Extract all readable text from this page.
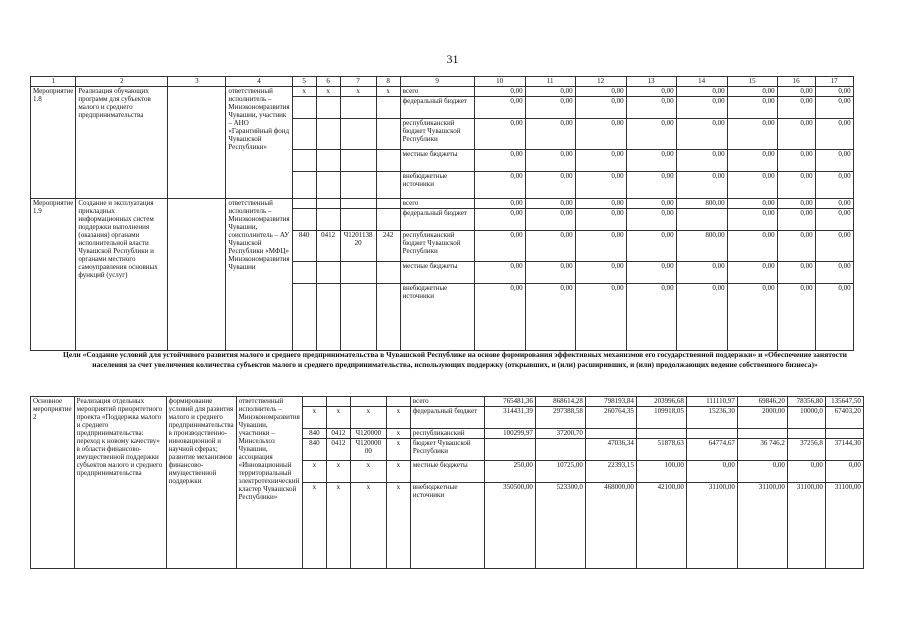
31
1	2	3	4	5	6	7	8	9	10	11	12	13	14	15	16	17
Мероприятие 1.8	Реализация обучающих программ для субъектов малого и среднего предпринимательства		ответственный исполнитель – Минэкономразвития Чувашии, участник – АНО «Гарантийный фонд Чувашской Республики»	x	x	x	x	всего	0,00	0,00	0,00	0,00	0,00	0,00	0,00	0,00
								федеральный бюджет	0,00	0,00	0,00	0,00	0,00	0,00	0,00	0,00
								республиканский бюджет Чувашской Республики	0,00	0,00	0,00	0,00	0,00	0,00	0,00	0,00
								местные бюджеты	0,00	0,00	0,00	0,00	0,00	0,00	0,00	0,00
								внебюджетные источники	0,00	0,00	0,00	0,00	0,00	0,00	0,00	0,00
Мероприятие 1.9	Создание и эксплуатация прикладных информационных систем поддержки выполнения (оказания) органами исполнительной власти Чувашской Республики и органами местного самоуправления основных функций (услуг)		ответственный исполнитель – Минэкономразвития Чувашии, соисполнитель – АУ Чувашской Республики «МФЦ» Минэкономразвития Чувашии					всего	0,00	0,00	0,00	0,00	800,00	0,00	0,00	0,00
								федеральный бюджет	0,00	0,00	0,00	0,00		0,00	0,00	0,00
				840	0412	Ч1201138 20	242	республиканский бюджет Чувашской Республики	0,00	0,00	0,00	0,00	800,00	0,00	0,00	0,00
								местные бюджеты	0,00	0,00	0,00	0,00	0,00	0,00	0,00	0,00
								внебюджетные источники	0,00	0,00	0,00	0,00	0,00	0,00	0,00	0,00
Цели «Создание условий для устойчивого развития малого и среднего предпринимательства в Чувашской Республике на основе формирования эффективных механизмов его государственной поддержки» и «Обеспечение занятости населения за счет увеличения количества субъектов малого и среднего предпринимательства, использующих поддержку (открывших, и (или) расширивших, и (или) продолжающих ведение собственного бизнеса)»
Основное мероприятие 2	Реализация отдельных мероприятий приоритетного проекта «Поддержка малого и среднего предпринимательства: переход к новому качеству» в области финансово-имущественной поддержки субъектов малого и среднего предпринимательства	формирование условий для развития малого и среднего предпринимательства в производственно-инновационной и научной сферах; развитие механизмов финансово-имущественной поддержки	ответственный исполнитель – Минэкономразвития Чувашии, участники – Минсельхоз Чувашии, ассоциация «Инновационный территориальный электротехнический кластер Чувашской Республики»					всего	765481,36	868614,28	798193,84	203996,68	111110,97	69846,20	78356,80	135647,50
				x	x	x	x	федеральный бюджет	314431,39	297388,58	260764,35	109918,05	15236,30	2000,00	10000,0	67403,20
				840	0412	Ч120000	x	республиканский	100299,97	37200,70						
				840	0412	Ч120000 00	x	бюджет Чувашской Республики			47036,34	51878,63	64774,67	36 746,2	37256,8	37144,30
				x	x	x	x	местные бюджеты	250,00	10725,00	22393,15	100,00	0,00	0,00	0,00	0,00
				x	x	x	x	внебюджетные источники	350500,00	523300,0	468000,00	42100,00	31100,00	31100,00	31100,00	31100,00
